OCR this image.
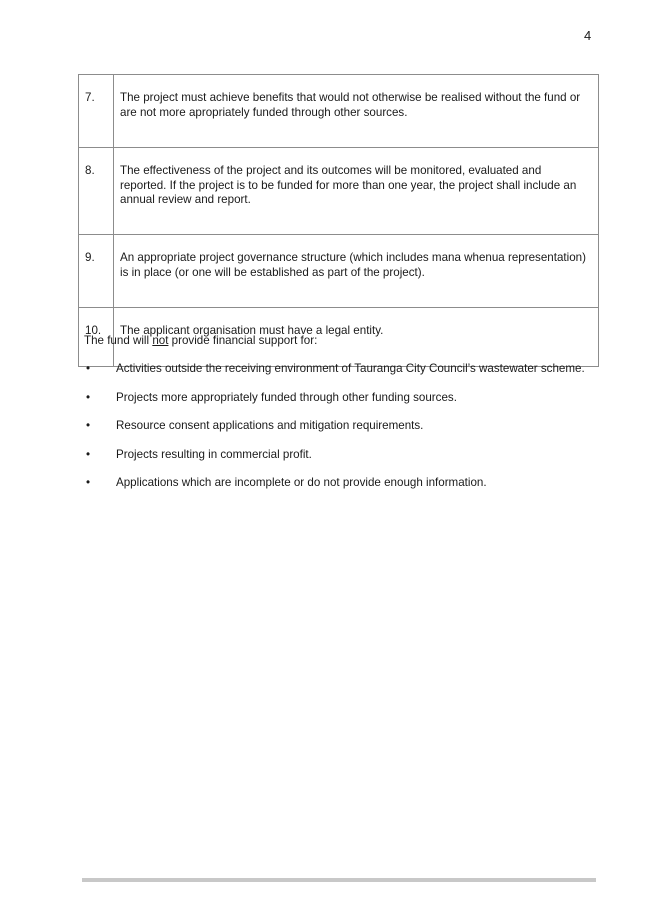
4
7.	The project must achieve benefits that would not otherwise be realised without the fund or are not more apropriately funded through other sources.
8.	The effectiveness of the project and its outcomes will be monitored, evaluated and reported. If the project is to be funded for more than one year, the project shall include an annual review and report.
9.	An appropriate project governance structure (which includes mana whenua representation) is in place (or one will be established as part of the project).
10.	The applicant organisation must have a legal entity.

The fund will not provide financial support for:

• Activities outside the receiving environment of Tauranga City Council’s wastewater scheme.
• Projects more appropriately funded through other funding sources.
• Resource consent applications and mitigation requirements.
• Projects resulting in commercial profit.
• Applications which are incomplete or do not provide enough information.
